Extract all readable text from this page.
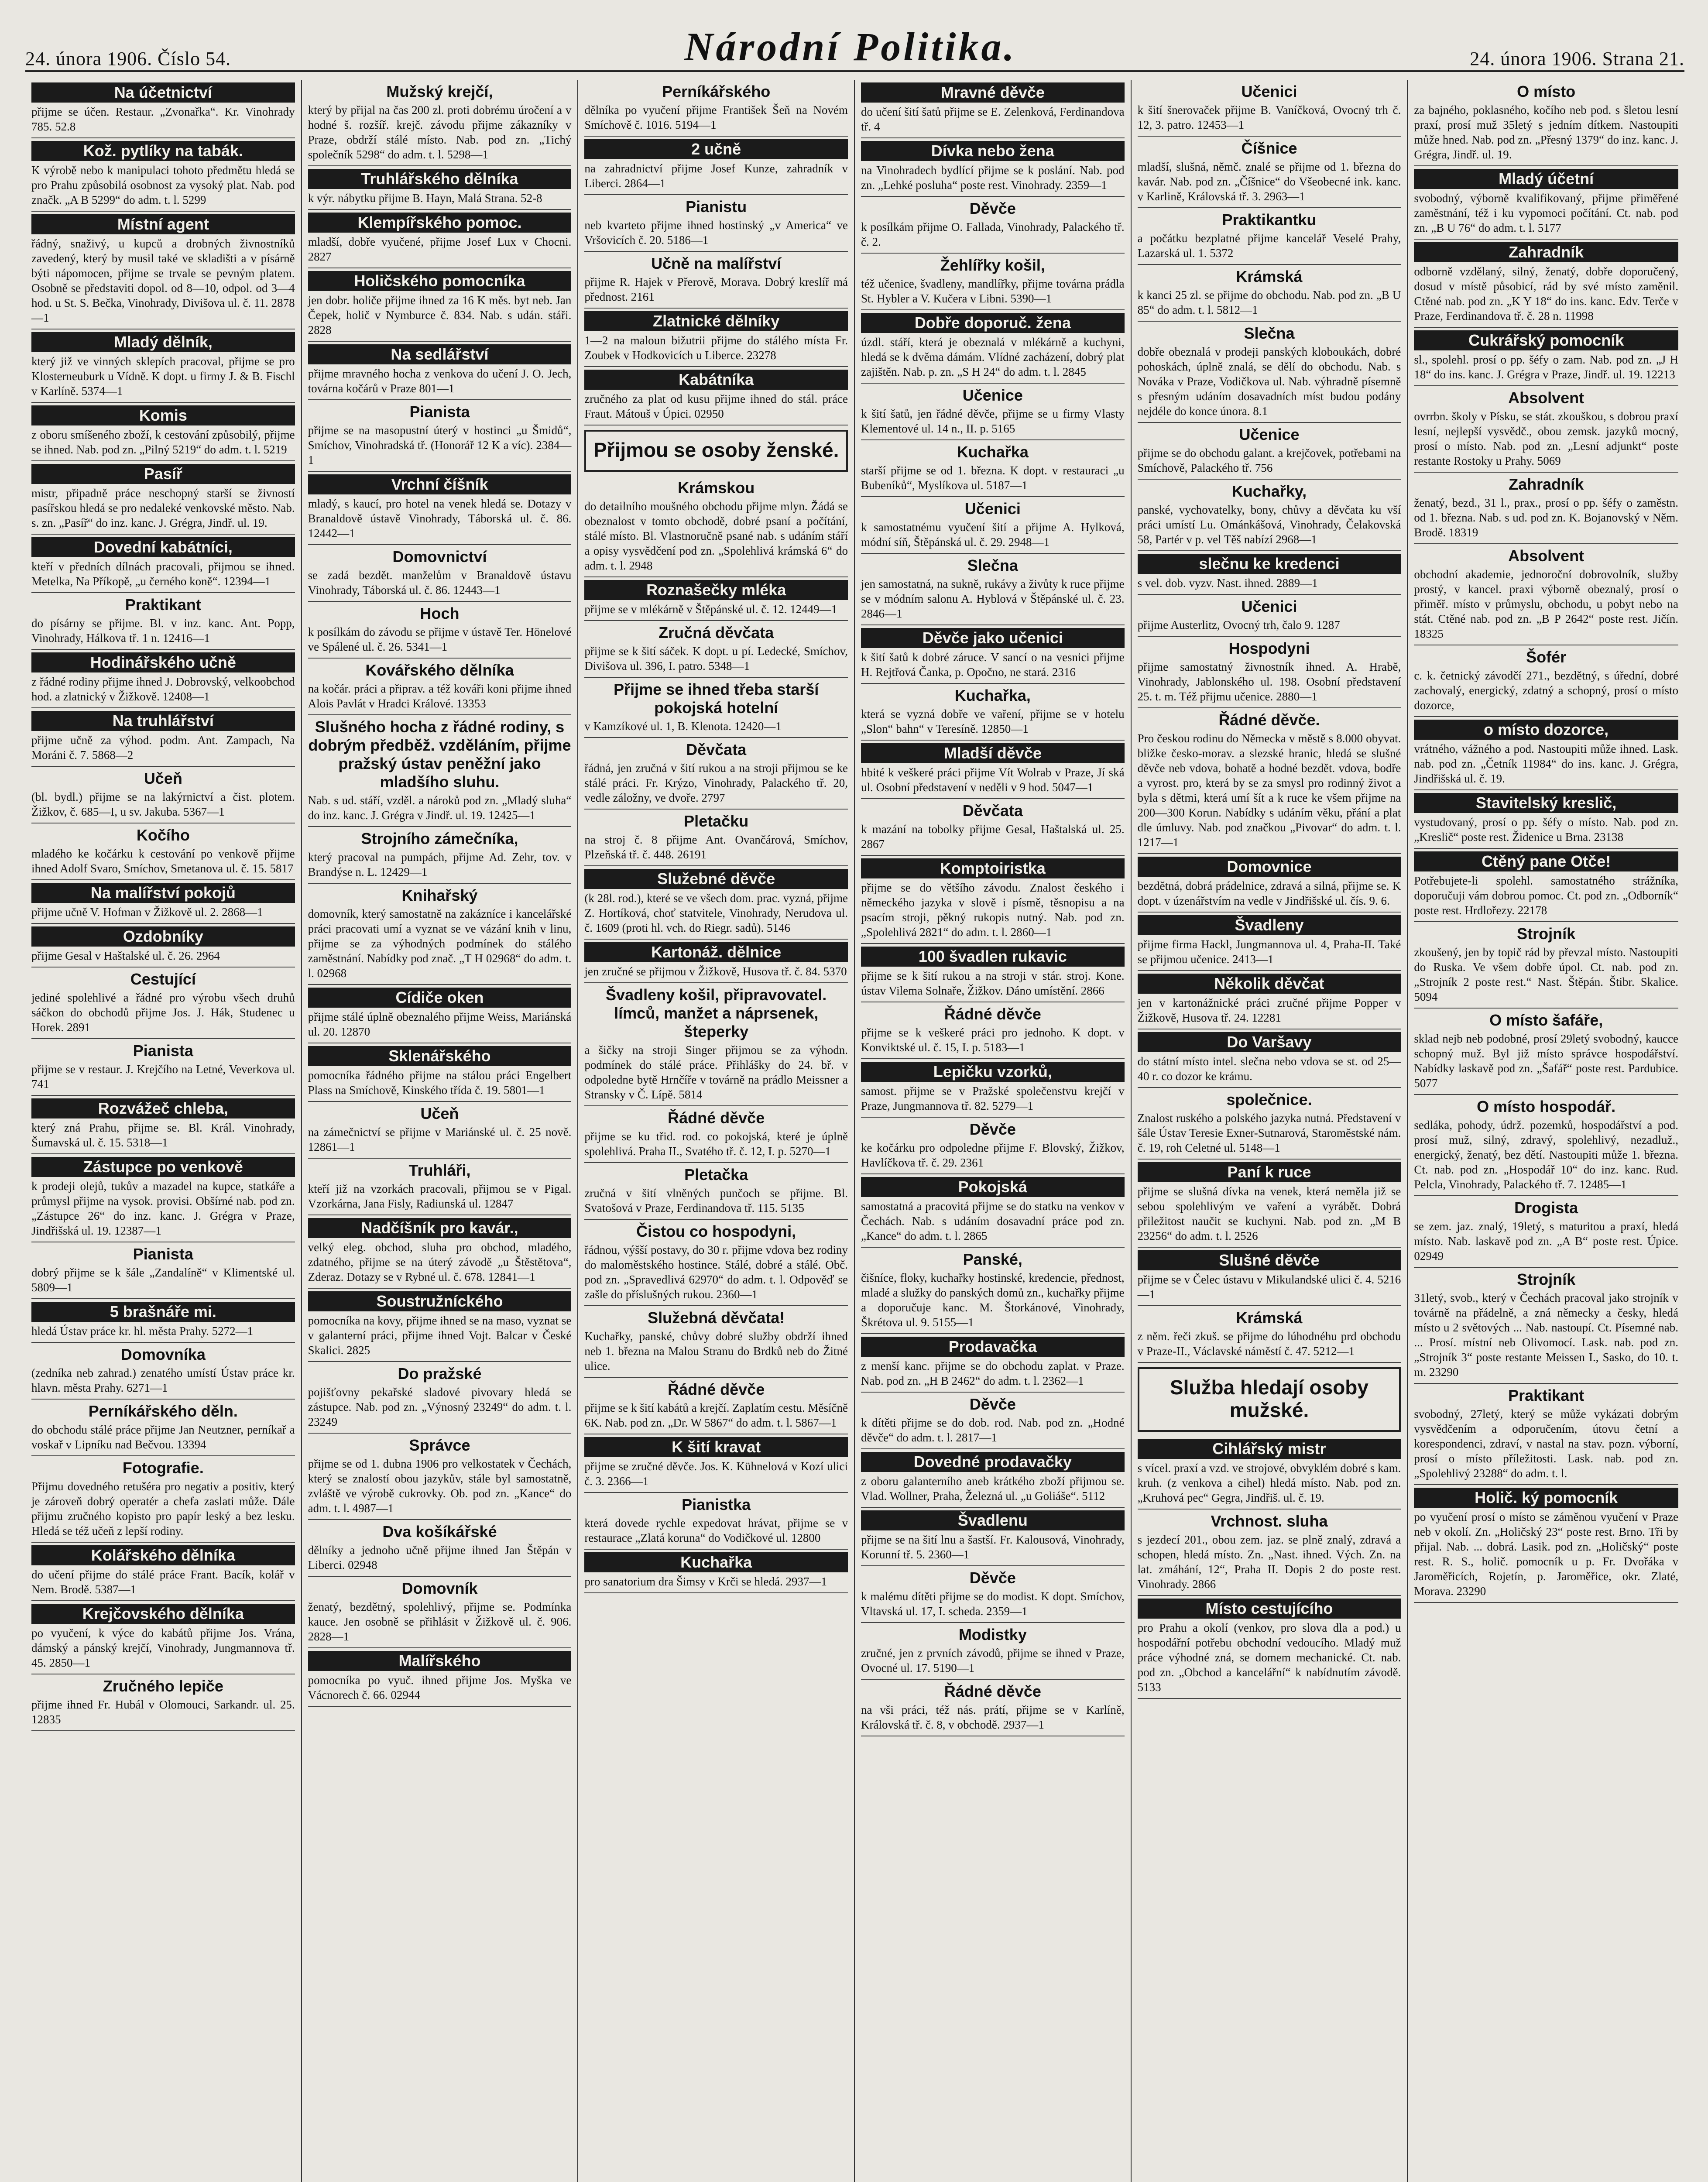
24. února 1906. Číslo 54.	Národní Politika.	24. února 1906. Strana 21.
Na účetnictví

přijme se účen. Restaur. „Zvonařka“. Kr. Vinohrady 785. 52.8

Kož. pytlíky na tabák.

K výrobě nebo k manipulaci tohoto předmětu hledá se pro Prahu způsobilá osobnost za vysoký plat. Nab. pod značk. „A B 5299“ do adm. t. l. 5299

Místní agent

řádný, snaživý, u kupců a drobných živnostníků zavedený, který by musil také ve skladišti a v písárně býti nápomocen, přijme se trvale se pevným platem. Osobně se představiti dopol. od 8—10, odpol. od 3—4 hod. u St. S. Bečka, Vinohrady, Divišova ul. č. 11. 2878—1

Mladý dělník,

který již ve vinných sklepích pracoval, přijme se pro Klosterneuburk u Vídně. K dopt. u firmy J. & B. Fischl v Karlíně. 5374—1

Komis

z oboru smíšeného zboží, k cestování způsobilý, přijme se ihned. Nab. pod zn. „Pilný 5219“ do adm. t. l. 5219

Pasíř

mistr, připadně práce neschopný starší se živností pasířskou hledá se pro nedaleké venkovské město. Nab. s. zn. „Pasíř“ do inz. kanc. J. Grégra, Jindř. ul. 19.

Dovední kabátníci,

kteří v předních dílnách pracovali, přijmou se ihned. Metelka, Na Příkopě, „u černého koně“. 12394—1

Praktikant

do písárny se přijme. Bl. v inz. kanc. Ant. Popp, Vinohrady, Hálkova tř. 1 n. 12416—1

Hodinářského učně

z řádné rodiny přijme ihned J. Dobrovský, velkoobchod hod. a zlatnický v Žižkově. 12408—1

Na truhlářství

přijme učně za výhod. podm. Ant. Zampach, Na Moráni č. 7. 5868—2

Učeň

(bl. bydl.) přijme se na lakýrnictví a čist. plotem. Žižkov, č. 685—I, u sv. Jakuba. 5367—1

Kočího

mladého ke kočárku k cestování po venkově přijme ihned Adolf Svaro, Smíchov, Smetanova ul. č. 15. 5817

Na malířství pokojů

přijme učně V. Hofman v Žižkově ul. 2. 2868—1

Ozdobníky

přijme Gesal v Haštalské ul. č. 26. 2964

Cestující

jediné spolehlivé a řádné pro výrobu všech druhů sáčkon do obchodů přijme Jos. J. Hák, Studenec u Horek. 2891

Pianista

přijme se v restaur. J. Krejčího na Letné, Veverkova ul. 741

Rozvážeč chleba,

který zná Prahu, přijme se. Bl. Král. Vinohrady, Šumavská ul. č. 15. 5318—1

Zástupce po venkově

k prodeji olejů, tukův a mazadel na kupce, statkáře a průmysl přijme na vysok. provisi. Obšírné nab. pod zn. „Zástupce 26“ do inz. kanc. J. Grégra v Praze, Jindřišská ul. 19. 12387—1

Pianista

dobrý přijme se k šále „Zandalíně“ v Klimentské ul. 5809—1

5 brašnáře mi.

hledá Ústav práce kr. hl. města Prahy. 5272—1

Domovníka

(zedníka neb zahrad.) zenatého umístí Ústav práce kr. hlavn. města Prahy. 6271—1

Perníkářského děln.

do obchodu stálé práce přijme Jan Neutzner, perníkař a voskař v Lipníku nad Bečvou. 13394

Fotografie.

Přijmu dovedného retušéra pro negativ a positiv, který je zároveň dobrý operatér a chefa zaslati může. Dále přijmu zručného kopisto pro papír leský a bez lesku. Hledá se též učeň z lepší rodiny.

Kolářského dělníka

do učení přijme do stálé práce Frant. Bacík, kolář v Nem. Brodě. 5387—1

Krejčovského dělníka

po vyučení, k výce do kabátů přijme Jos. Vrána, dámský a pánský krejčí, Vinohrady, Jungmannova tř. 45. 2850—1

Zručného lepiče

přijme ihned Fr. Hubál v Olomouci, Sarkandr. ul. 25. 12835

Mužský krejčí,

který by přijal na čas 200 zl. proti dobrému úročení a v hodné š. rozšíř. krejč. závodu přijme zákazníky v Praze, obdrží stálé místo. Nab. pod zn. „Tichý společník 5298“ do adm. t. l. 5298—1

Truhlářského dělníka

k výr. nábytku přijme B. Hayn, Malá Strana. 52-8

Klempířského pomoc.

mladší, dobře vyučené, přijme Josef Lux v Chocni. 2827

Holičského pomocníka

jen dobr. holiče přijme ihned za 16 K měs. byt neb. Jan Čepek, holič v Nymburce č. 834. Nab. s udán. stáři. 2828

Na sedlářství

přijme mravného hocha z venkova do učení J. O. Jech, továrna kočárů v Praze 801—1

Pianista

přijme se na masopustní úterý v hostinci „u Šmidů“, Smíchov, Vinohradská tř. (Honorář 12 K a víc). 2384—1

Vrchní číšník

mladý, s kaucí, pro hotel na venek hledá se. Dotazy v Branaldově ústavě Vinohrady, Táborská ul. č. 86. 12442—1

Domovnictví

se zadá bezdět. manželům v Branaldově ústavu Vinohrady, Táborská ul. č. 86. 12443—1

Hoch

k posílkám do závodu se přijme v ústavě Ter. Hönelové ve Spálené ul. č. 26. 5341—1

Kovářského dělníka

na kočár. práci a připrav. a též kováři koni přijme ihned Alois Pavlát v Hradci Králové. 13353

Slušného hocha z řádné rodiny, s dobrým předběž. vzděláním, přijme pražský ústav peněžní jako mladšího sluhu.

Nab. s ud. stáří, vzděl. a nároků pod zn. „Mladý sluha“ do inz. kanc. J. Grégra v Jindř. ul. 19. 12425—1

Strojního zámečníka,

který pracoval na pumpách, přijme Ad. Zehr, tov. v Brandýse n. L. 12429—1

Knihařský

domovník, který samostatně na zakázníce i kancelářské práci pracovati umí a vyznat se ve vázání knih v linu, přijme se za výhodných podmínek do stálého zaměstnání. Nabídky pod znač. „T H 02968“ do adm. t. l. 02968

Cídiče oken

přijme stálé úplně obeznalého přijme Weiss, Mariánská ul. 20. 12870

Sklenářského

pomocníka řádného přijme na stálou práci Engelbert Plass na Smíchově, Kinského třída č. 19. 5801—1

Učeň

na zámečnictví se přijme v Mariánské ul. č. 25 nově. 12861—1

Truhláři,

kteří již na vzorkách pracovali, přijmou se v Pigal. Vzorkárna, Jana Fisly, Radiunská ul. 12847

Nadčíšník pro kavár.,

velký eleg. obchod, sluha pro obchod, mladého, zdatného, přijme se na úterý závodě „u Štěstětova“, Zderaz. Dotazy se v Rybné ul. č. 678. 12841—1

Soustružníckého

pomocníka na kovy, přijme ihned se na maso, vyznat se v galanterní práci, přijme ihned Vojt. Balcar v České Skalici. 2825

Do pražské

pojišťovny pekařské sladové pivovary hledá se zástupce. Nab. pod zn. „Výnosný 23249“ do adm. t. l. 23249

Správce

přijme se od 1. dubna 1906 pro velkostatek v Čechách, který se znalostí obou jazykův, stále byl samostatně, zvláště ve výrobě cukrovky. Ob. pod zn. „Kance“ do adm. t. l. 4987—1

Dva košíkářské

dělníky a jednoho učně přijme ihned Jan Štěpán v Liberci. 02948

Domovník

ženatý, bezdětný, spolehlivý, přijme se. Podmínka kauce. Jen osobně se přihlásit v Žižkově ul. č. 906. 2828—1

Malířského

pomocníka po vyuč. ihned přijme Jos. Myška ve Vácnorech č. 66. 02944

Perníkářského

dělníka po vyučení přijme František Šeň na Novém Smíchově č. 1016. 5194—1

2 učně

na zahradnictví přijme Josef Kunze, zahradník v Liberci. 2864—1

Pianistu

neb kvarteto přijme ihned hostinský „v America“ ve Vršovicích č. 20. 5186—1

Učně na malířství

přijme R. Hajek v Přerově, Morava. Dobrý kreslíř má přednost. 2161

Zlatnické dělníky

1—2 na maloun bižutrii přijme do stálého místa Fr. Zoubek v Hodkovicích u Liberce. 23278

Kabátníka

zručného za plat od kusu přijme ihned do stál. práce Fraut. Mátouš v Úpici. 02950

Přijmou se osoby ženské.
Krámskou

do detailního moušného obchodu přijme mlyn. Žádá se obeznalost v tomto obchodě, dobré psaní a počítání, stálé místo. Bl. Vlastnoručně psané nab. s udáním stáří a opisy vysvědčení pod zn. „Spolehlivá krámská 6“ do adm. t. l. 2948

Roznašečky mléka

přijme se v mlékárně v Štěpánské ul. č. 12. 12449—1

Zručná děvčata

přijme se k šití sáček. K dopt. u pí. Ledecké, Smíchov, Divišova ul. 396, I. patro. 5348—1

Přijme se ihned třeba starší pokojská hotelní

v Kamzíkové ul. 1, B. Klenota. 12420—1

Děvčata

řádná, jen zručná v šití rukou a na stroji přijmou se ke stálé práci. Fr. Krýzo, Vinohrady, Palackého tř. 20, vedle záložny, ve dvoře. 2797

Pletačku

na stroj č. 8 přijme Ant. Ovančárová, Smíchov, Plzeňská tř. č. 448. 26191

Služebné děvče

(k 28l. rod.), které se ve všech dom. prac. vyzná, přijme Z. Hortíková, choť statvitele, Vinohrady, Nerudova ul. č. 1609 (proti hl. vch. do Riegr. sadů). 5146

Kartonáž. dělnice

jen zručné se přijmou v Žižkově, Husova tř. č. 84. 5370

Švadleny košil, připravovatel. límců, manžet a náprsenek, šteperky

a šičky na stroji Singer přijmou se za výhodn. podmínek do stálé práce. Přihlášky do 24. bř. v odpoledne bytě Hrnčíře v továrně na prádlo Meissner a Stransky v Č. Lípě. 5814

Řádné děvče

přijme se ku třid. rod. co pokojská, které je úplně spolehlivá. Praha II., Svatého tř. č. 12, I. p. 5270—1

Pletačka

zručná v šití vlněných punčoch se přijme. Bl. Svatošová v Praze, Ferdinandova tř. 115. 5135

Čistou co hospodyni,

řádnou, výšší postavy, do 30 r. přijme vdova bez rodiny do maloměstského hostince. Stálé, dobré a stálé. Obč. pod zn. „Spravedlivá 62970“ do adm. t. l. Odpověď se zašle do příslušných rukou. 2360—1

Služebná děvčata!

Kuchařky, panské, chůvy dobré služby obdrží ihned neb 1. března na Malou Stranu do Brdků neb do Žitné ulice.

Řádné děvče

přijme se k šití kabátů a krejčí. Zaplatím cestu. Měsíčně 6K. Nab. pod zn. „Dr. W 5867“ do adm. t. l. 5867—1

K šití kravat

přijme se zručné děvče. Jos. K. Kühnelová v Kozí ulici č. 3. 2366—1

Pianistka

která dovede rychle expedovat hrávat, přijme se v restaurace „Zlatá koruna“ do Vodičkové ul. 12800

Kuchařka

pro sanatorium dra Šimsy v Krči se hledá. 2937—1

Mravné děvče

do učení šití šatů přijme se E. Zelenková, Ferdinandova tř. 4

Dívka nebo žena

na Vinohradech bydlící přijme se k poslání. Nab. pod zn. „Lehké posluha“ poste rest. Vinohrady. 2359—1

Děvče

k posílkám přijme O. Fallada, Vinohrady, Palackého tř. č. 2.

Žehlířky košil,

též učenice, švadleny, mandlířky, přijme továrna prádla St. Hybler a V. Kučera v Libni. 5390—1

Dobře doporuč. žena

úzdl. stáří, která je obeznalá v mlékárně a kuchyni, hledá se k dvěma dámám. Vlídné zacházení, dobrý plat zajištěn. Nab. p. zn. „S H 24“ do adm. t. l. 2845

Učenice

k šití šatů, jen řádné děvče, přijme se u firmy Vlasty Klementové ul. 14 n., II. p. 5165

Kuchařka

starší přijme se od 1. března. K dopt. v restauraci „u Bubeníků“, Myslíkova ul. 5187—1

Učenici

k samostatnému vyučení šití a přijme A. Hylková, módní síň, Štěpánská ul. č. 29. 2948—1

Slečna

jen samostatná, na sukně, rukávy a živůty k ruce přijme se v módním salonu A. Hyblová v Štěpánské ul. č. 23. 2846—1

Děvče jako učenici

k šití šatů k dobré záruce. V sancí o na vesnici přijme H. Rejtřová Čanka, p. Opočno, ne stará. 2316

Kuchařka,

která se vyzná dobře ve vaření, přijme se v hotelu „Slon“ bahn“ v Teresíně. 12850—1

Mladší děvče

hbité k veškeré práci přijme Vít Wolrab v Praze, Jí ská ul. Osobní představení v neděli v 9 hod. 5047—1

Děvčata

k mazání na tobolky přijme Gesal, Haštalská ul. 25. 2867

Komptoiristka

přijme se do většího závodu. Znalost českého i německého jazyka v slově i písmě, těsnopisu a na psacím stroji, pěkný rukopis nutný. Nab. pod zn. „Spolehlivá 2821“ do adm. t. l. 2860—1

100 švadlen rukavic

přijme se k šití rukou a na stroji v stár. stroj. Kone. ústav Vilema Solnaře, Žižkov. Dáno umístění. 2866

Řádné děvče

přijme se k veškeré práci pro jednoho. K dopt. v Konviktské ul. č. 15, I. p. 5183—1

Lepičku vzorků,

samost. přijme se v Pražské společenstvu krejčí v Praze, Jungmannova tř. 82. 5279—1

Děvče

ke kočárku pro odpoledne přijme F. Blovský, Žižkov, Havlíčkova tř. č. 29. 2361

Pokojská

samostatná a pracovitá přijme se do statku na venkov v Čechách. Nab. s udáním dosavadní práce pod zn. „Kance“ do adm. t. l. 2865

Panské,

čišníce, floky, kuchařky hostinské, kredencie, přednost, mladé a služky do panských domů zn., kuchařky přijme a doporučuje kanc. M. Štorkánové, Vinohrady, Škrétova ul. 9. 5155—1

Prodavačka

z menší kanc. přijme se do obchodu zaplat. v Praze. Nab. pod zn. „H B 2462“ do adm. t. l. 2362—1

Děvče

k dítěti přijme se do dob. rod. Nab. pod zn. „Hodné děvče“ do adm. t. l. 2817—1

Dovedné prodavačky

z oboru galanterního aneb krátkého zboží přijmou se. Vlad. Wollner, Praha, Železná ul. „u Goliáše“. 5112

Švadlenu

přijme se na šití lnu a šastší. Fr. Kalousová, Vinohrady, Korunní tř. 5. 2360—1

Děvče

k malému dítěti přijme se do modist. K dopt. Smíchov, Vltavská ul. 17, I. scheda. 2359—1

Modistky

zručné, jen z prvních závodů, přijme se ihned v Praze, Ovocné ul. 17. 5190—1

Řádné děvče

na vši práci, též nás. prátí, přijme se v Karlíně, Královská tř. č. 8, v obchodě. 2937—1

Učenici

k šití šnerovaček přijme B. Vaníčková, Ovocný trh č. 12, 3. patro. 12453—1

Číšnice

mladší, slušná, němč. znalé se přijme od 1. března do kavár. Nab. pod zn. „Číšnice“ do Všeobecné ink. kanc. v Karlině, Královská tř. 3. 2963—1

Praktikantku

a počátku bezplatné přijme kancelář Veselé Prahy, Lazarská ul. 1. 5372

Krámská

k kanci 25 zl. se přijme do obchodu. Nab. pod zn. „B U 85“ do adm. t. l. 5812—1

Slečna

dobře obeznalá v prodeji panských kloboukách, dobré pohoskách, úplně znalá, se dělí do obchodu. Nab. s Nováka v Praze, Vodičkova ul. Nab. výhradně písemně s přesným udáním dosavadních míst budou podány nejdéle do konce února. 8.1

Učenice

přijme se do obchodu galant. a krejčovek, potřebami na Smíchově, Palackého tř. 756

Kuchařky,

panské, vychovatelky, bony, chůvy a děvčata ku vší práci umístí Lu. Ománkášová, Vinohrady, Čelakovská 58, Partér v p. vel Těš nabízí 2968—1

slečnu ke kredenci

s vel. dob. vyzv. Nast. ihned. 2889—1

Učenici

přijme Austerlitz, Ovocný trh, čalo 9. 1287

Hospodyni

přijme samostatný živnostník ihned. A. Hrabě, Vinohrady, Jablonského ul. 198. Osobní představení 25. t. m. Též přijmu učenice. 2880—1

Řádné děvče.

Pro českou rodinu do Německa v městě s 8.000 obyvat. bližke česko-morav. a slezské hranic, hledá se slušné děvče neb vdova, bohatě a hodné bezdět. vdova, bodře a vyrost. pro, která by se za smysl pro rodinný život a byla s dětmi, která umí šít a k ruce ke všem přijme na 200—300 Korun. Nabídky s udáním věku, přání a plat dle úmluvy. Nab. pod značkou „Pivovar“ do adm. t. l. 1217—1

Domovnice

bezdětná, dobrá prádelnice, zdravá a silná, přijme se. K dopt. v úzenářstvím na vedle v Jindřišské ul. čís. 9. 6.

Švadleny

přijme firma Hackl, Jungmannova ul. 4, Praha-II. Také se přijmou učenice. 2413—1

Několik děvčat

jen v kartonážnické práci zručné přijme Popper v Žižkově, Husova tř. 24. 12281

Do Varšavy

do státní místo intel. slečna nebo vdova se st. od 25—40 r. co dozor ke krámu.

společnice.

Znalost ruského a polského jazyka nutná. Představení v šále Ústav Teresie Exner-Sutnarová, Staroměstské nám. č. 19, roh Celetné ul. 5148—1

Paní k ruce

přijme se slušná dívka na venek, která neměla již se sebou spolehlivým ve vaření a vyrábět. Dobrá přiležitost naučit se kuchyni. Nab. pod zn. „M B 23256“ do adm. t. l. 2526

Slušné děvče

přijme se v Čelec ústavu v Mikulandské ulici č. 4. 5216—1

Krámská

z něm. řeči zkuš. se přijme do lúhodnéhu prd obchodu v Praze-II., Václavské náměstí č. 47. 5212—1

Služba hledají osoby mužské.
Cihlářský mistr

s vícel. praxí a vzd. ve strojové, obvyklém dobré s kam. kruh. (z venkova a cihel) hledá místo. Nab. pod zn. „Kruhová pec“ Gegra, Jindřiš. ul. č. 19.

Vrchnost. sluha

s jezdecí 201., obou zem. jaz. se plně znalý, zdravá a schopen, hledá místo. Zn. „Nast. ihned. Vých. Zn. na lat. zmáhání, 12“, Praha II. Dopis 2 do poste rest. Vinohrady. 2866

Místo cestujícího

pro Prahu a okolí (venkov, pro slova dla a pod.) u hospodářní potřebu obchodní vedoucího. Mladý muž práce výhodné zná, se domem mechanické. Ct. nab. pod zn. „Obchod a kancelářní“ k nabídnutím závodě. 5133

O místo

za bajného, poklasného, kočího neb pod. s šletou lesní praxí, prosí muž 35letý s jedním dítkem. Nastoupiti může hned. Nab. pod zn. „Přesný 1379“ do inz. kanc. J. Grégra, Jindř. ul. 19.

Mladý účetní

svobodný, výborně kvalifikovaný, přijme přiměřené zaměstnání, též i ku vypomoci počítání. Ct. nab. pod zn. „B U 76“ do adm. t. l. 5177

Zahradník

odborně vzdělaný, silný, ženatý, dobře doporučený, dosud v místě působicí, rád by své místo zaměnil. Ctěné nab. pod zn. „K Y 18“ do ins. kanc. Edv. Terče v Praze, Ferdinandova tř. č. 28 n. 11998

Cukrářský pomocník

sl., spolehl. prosí o pp. šéfy o zam. Nab. pod zn. „J H 18“ do ins. kanc. J. Grégra v Praze, Jindř. ul. 19. 12213

Absolvent

ovrrbn. školy v Písku, se stát. zkouškou, s dobrou praxí lesní, nejlepší vysvědč., obou zemsk. jazyků mocný, prosí o místo. Nab. pod zn. „Lesní adjunkt“ poste restante Rostoky u Prahy. 5069

Zahradník

ženatý, bezd., 31 l., prax., prosí o pp. šéfy o zaměstn. od 1. března. Nab. s ud. pod zn. K. Bojanovský v Něm. Brodě. 18319

Absolvent

obchodní akademie, jednoroční dobrovolník, služby prostý, v kancel. praxi výborně obeznalý, prosí o přiměř. místo v průmyslu, obchodu, u pobyt nebo na stát. Ctěné nab. pod zn. „B P 2642“ poste rest. Jičín. 18325

Šofér

c. k. četnický závodčí 271., bezdětný, s úřední, dobré zachovalý, energický, zdatný a schopný, prosí o místo dozorce,

o místo dozorce,

vrátného, vážného a pod. Nastoupiti může ihned. Lask. nab. pod zn. „Četník 11984“ do ins. kanc. J. Grégra, Jindřišská ul. č. 19.

Stavitelský kreslič,

vystudovaný, prosí o pp. šéfy o místo. Nab. pod zn. „Kreslič“ poste rest. Židenice u Brna. 23138

Ctěný pane Otče!

Potřebujete-li spolehl. samostatného strážníka, doporučuji vám dobrou pomoc. Ct. pod zn. „Odborník“ poste rest. Hrdlořezy. 22178

Strojník

zkoušený, jen by topič rád by převzal místo. Nastoupiti do Ruska. Ve všem dobře úpol. Ct. nab. pod zn. „Strojník 2 poste rest.“ Nast. Štěpán. Štibr. Skalice. 5094

O místo šafáře,

sklad nejb neb podobné, prosí 29letý svobodný, kaucce schopný muž. Byl již místo správce hospodářství. Nabídky laskavě pod zn. „Šafář“ poste rest. Pardubice. 5077

O místo hospodář.

sedláka, pohody, údrž. pozemků, hospodářství a pod. prosí muž, silný, zdravý, spolehlivý, nezadluž., energický, ženatý, bez dětí. Nastoupiti může 1. března. Ct. nab. pod zn. „Hospodář 10“ do inz. kanc. Rud. Pelcla, Vinohrady, Palackého tř. 7. 12485—1

Drogista

se zem. jaz. znalý, 19letý, s maturitou a praxí, hledá místo. Nab. laskavě pod zn. „A B“ poste rest. Úpice. 02949

Strojník

31letý, svob., který v Čechách pracoval jako strojník v továrně na přádelně, a zná německy a česky, hledá místo u 2 světových ... Nab. nastoupí. Ct. Písemné nab. ... Prosí. místní neb Olivomocí. Lask. nab. pod zn. „Strojník 3“ poste restante Meissen I., Sasko, do 10. t. m. 23290

Praktikant

svobodný, 27letý, který se může vykázati dobrým vysvědčením a odporučením, útovu četní a korespondenci, zdraví, v nastal na stav. pozn. výborní, prosí o místo příležitosti. Lask. nab. pod zn. „Spolehlivý 23288“ do adm. t. l.

Holič. ký pomocník

po vyučení prosí o místo se záměnou vyučení v Praze neb v okolí. Zn. „Holičský 23“ poste rest. Brno. Tři by přijal. Nab. ... dobrá. Lasik. pod zn. „Holičský“ poste rest. R. S., holič. pomocník u p. Fr. Dvořáka v Jaroměřicích, Rojetín, p. Jaroměřice, okr. Zlaté, Morava. 23290
